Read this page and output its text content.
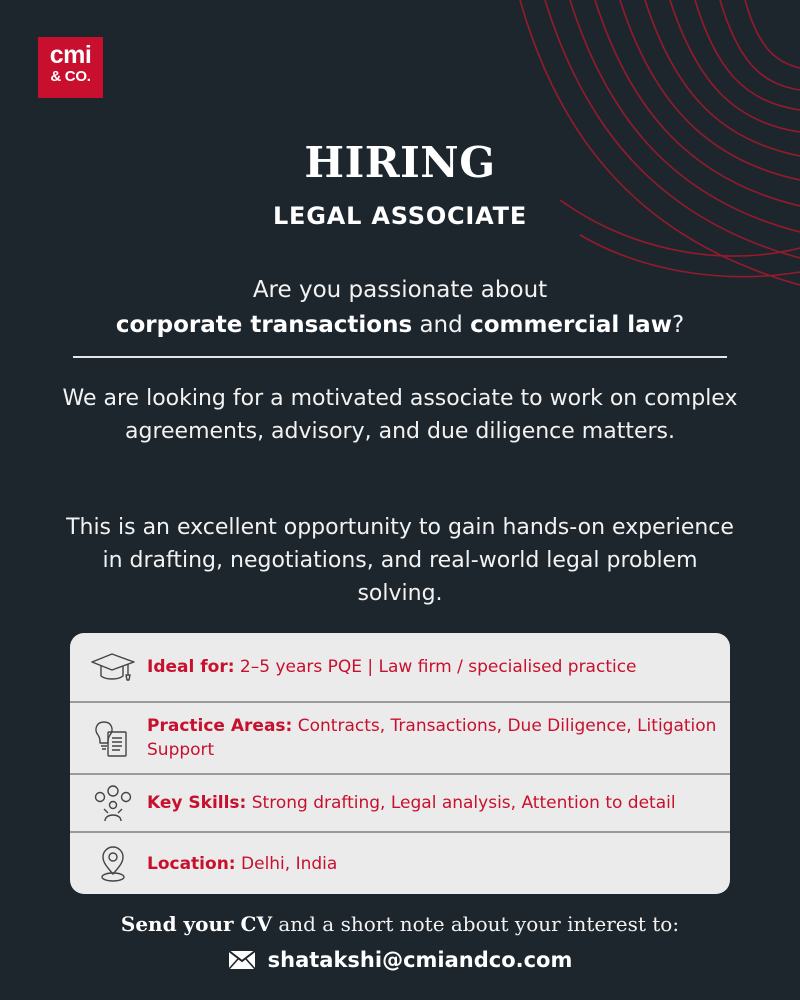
cmi
& CO.
HIRING
LEGAL ASSOCIATE
Are you passionate about
corporate transactions and commercial law?
We are looking for a motivated associate to work on complex agreements, advisory, and due diligence matters.
This is an excellent opportunity to gain hands-on experience in drafting, negotiations, and real-world legal problem solving.
Ideal for: 2–5 years PQE | Law firm / specialised practice
Practice Areas: Contracts, Transactions, Due Diligence, Litigation Support
Key Skills: Strong drafting, Legal analysis, Attention to detail
Location: Delhi, India
Send your CV and a short note about your interest to:
shatakshi@cmiandco.com
